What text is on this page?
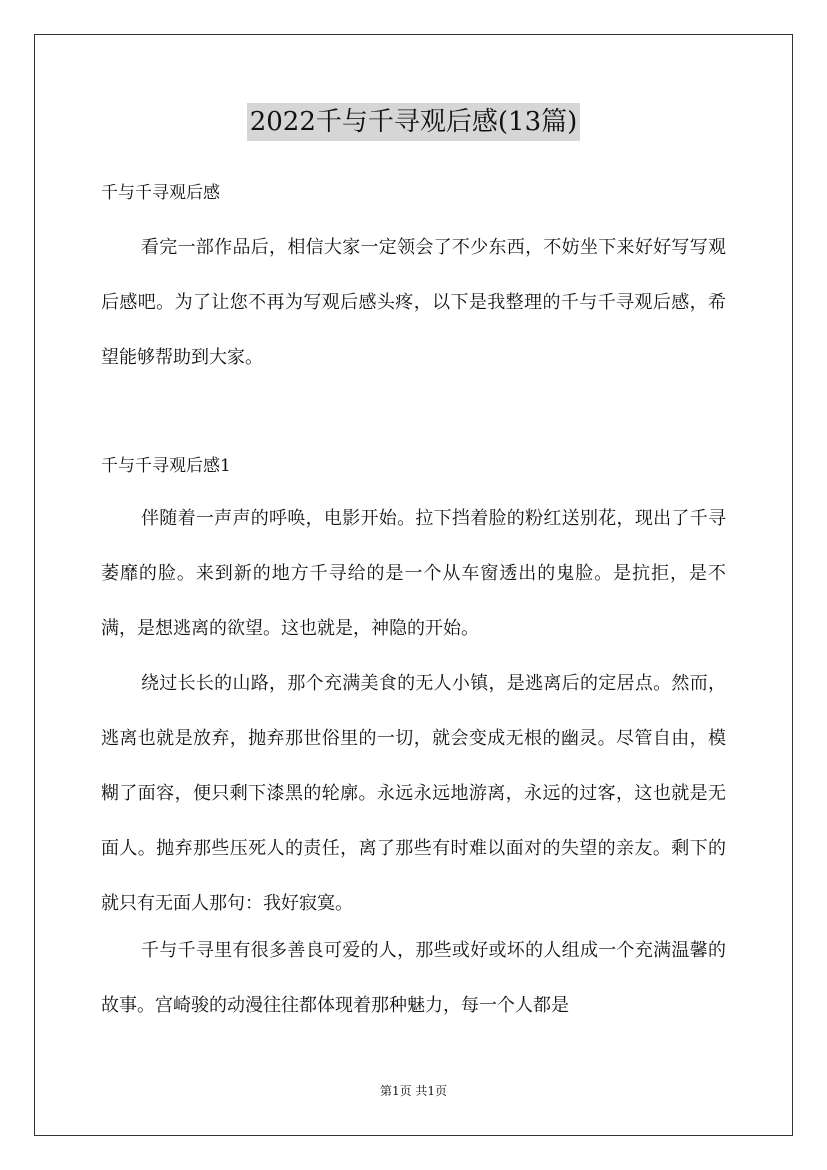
2022千与千寻观后感(13篇)
千与千寻观后感

看完一部作品后，相信大家一定领会了不少东西，不妨坐下来好好写写观后感吧。为了让您不再为写观后感头疼，以下是我整理的千与千寻观后感，希望能够帮助到大家。

千与千寻观后感1

伴随着一声声的呼唤，电影开始。拉下挡着脸的粉红送别花，现出了千寻萎靡的脸。来到新的地方千寻给的是一个从车窗透出的鬼脸。是抗拒，是不满，是想逃离的欲望。这也就是，神隐的开始。

绕过长长的山路，那个充满美食的无人小镇，是逃离后的定居点。然而，逃离也就是放弃，抛弃那世俗里的一切，就会变成无根的幽灵。尽管自由，模糊了面容，便只剩下漆黑的轮廓。永远永远地游离，永远的过客，这也就是无面人。抛弃那些压死人的责任，离了那些有时难以面对的失望的亲友。剩下的就只有无面人那句：我好寂寞。

千与千寻里有很多善良可爱的人，那些或好或坏的人组成一个充满温馨的故事。宫崎骏的动漫往往都体现着那种魅力，每一个人都是

第1页 共1页
